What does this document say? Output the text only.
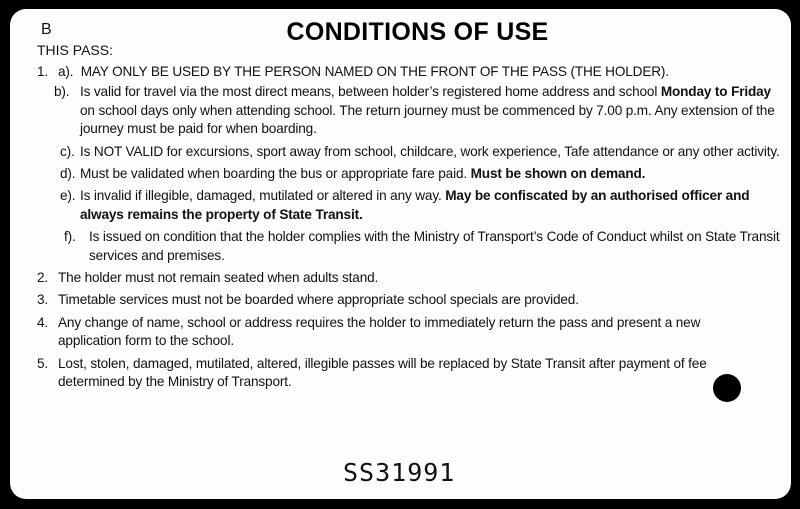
B	CONDITIONS OF USE
THIS PASS:
1. a). MAY ONLY BE USED BY THE PERSON NAMED ON THE FRONT OF THE PASS (THE HOLDER).
b). Is valid for travel via the most direct means, between holder’s registered home address and school Monday to Friday on school days only when attending school. The return journey must be commenced by 7.00 p.m. Any extension of the journey must be paid for when boarding.
c). Is NOT VALID for excursions, sport away from school, childcare, work experience, Tafe attendance or any other activity.
d). Must be validated when boarding the bus or appropriate fare paid. Must be shown on demand.
e). Is invalid if illegible, damaged, mutilated or altered in any way. May be confiscated by an authorised officer and always remains the property of State Transit.
f). Is issued on condition that the holder complies with the Ministry of Transport’s Code of Conduct whilst on State Transit services and premises.
2. The holder must not remain seated when adults stand.
3. Timetable services must not be boarded where appropriate school specials are provided.
4. Any change of name, school or address requires the holder to immediately return the pass and present a new application form to the school.
5. Lost, stolen, damaged, mutilated, altered, illegible passes will be replaced by State Transit after payment of fee determined by the Ministry of Transport.
SS31991
